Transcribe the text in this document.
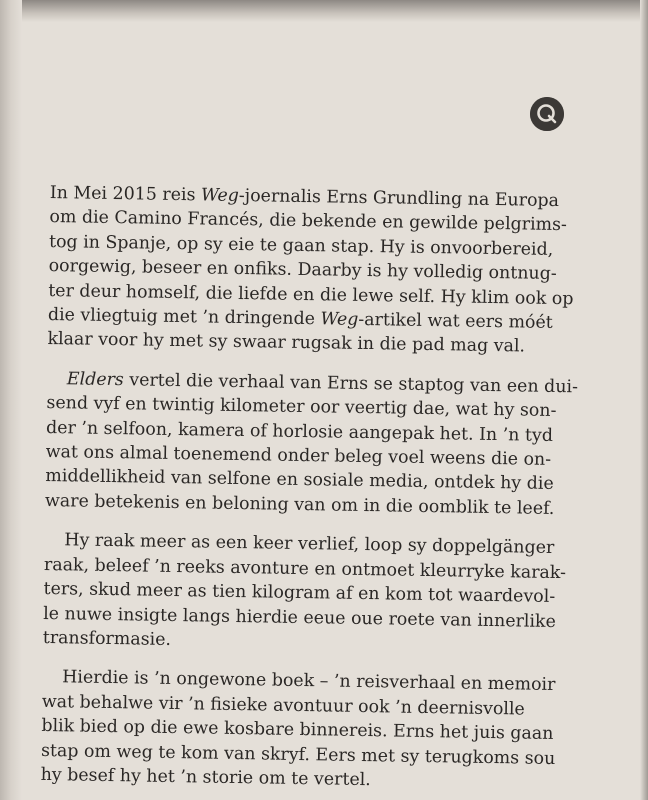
In Mei 2015 reis Weg-joernalis Erns Grundling na Europa
om die Camino Francés, die bekende en gewilde pelgrims-
tog in Spanje, op sy eie te gaan stap. Hy is onvoorbereid,
oorgewig, beseer en onfiks. Daarby is hy volledig ontnug-
ter deur homself, die liefde en die lewe self. Hy klim ook op
die vliegtuig met ’n dringende Weg-artikel wat eers móét
klaar voor hy met sy swaar rugsak in die pad mag val.
Elders vertel die verhaal van Erns se staptog van een dui-
send vyf en twintig kilometer oor veertig dae, wat hy son-
der ’n selfoon, kamera of horlosie aangepak het. In ’n tyd
wat ons almal toenemend onder beleg voel weens die on-
middellikheid van selfone en sosiale media, ontdek hy die
ware betekenis en beloning van om in die oomblik te leef.
Hy raak meer as een keer verlief, loop sy doppelgänger
raak, beleef ’n reeks avonture en ontmoet kleurryke karak-
ters, skud meer as tien kilogram af en kom tot waardevol-
le nuwe insigte langs hierdie eeue oue roete van innerlike
transformasie.
Hierdie is ’n ongewone boek – ’n reisverhaal en memoir
wat behalwe vir ’n fisieke avontuur ook ’n deernisvolle
blik bied op die ewe kosbare binnereis. Erns het juis gaan
stap om weg te kom van skryf. Eers met sy terugkoms sou
hy besef hy het ’n storie om te vertel.
